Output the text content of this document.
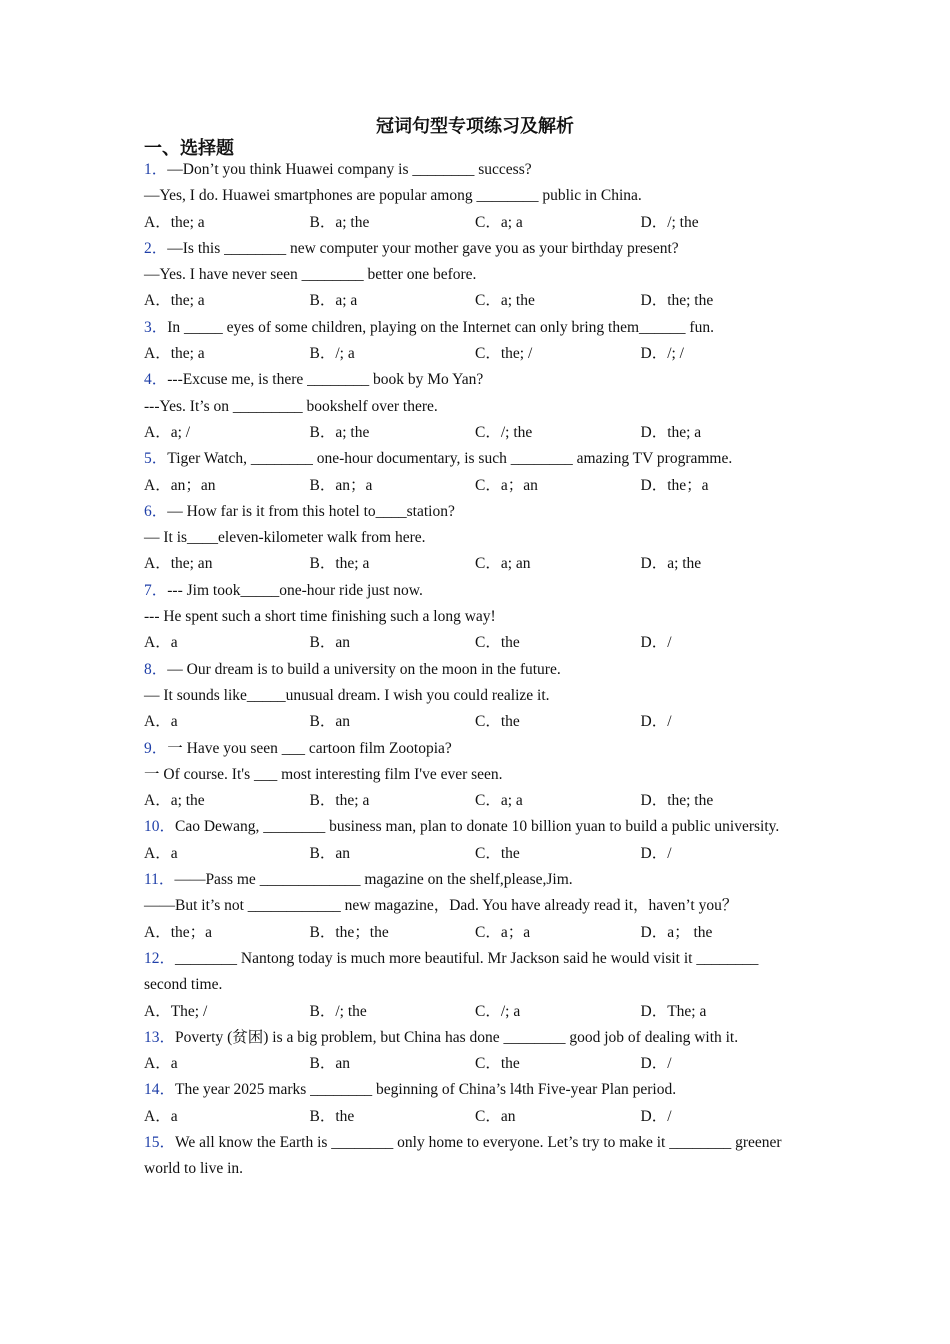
冠词句型专项练习及解析
一、选择题
1．—Don’t you think Huawei company is ________ success?
—Yes, I do. Huawei smartphones are popular among ________ public in China.
A．the; a	B．a; the	C．a; a	D．/; the
2．—Is this ________ new computer your mother gave you as your birthday present?
—Yes. I have never seen ________ better one before.
A．the; a	B．a; a	C．a; the	D．the; the
3．In _____ eyes of some children, playing on the Internet can only bring them______ fun.
A．the; a	B．/; a	C．the; /	D．/; /
4．---Excuse me, is there ________ book by Mo Yan?
---Yes. It’s on _________ bookshelf over there.
A．a; /	B．a; the	C．/; the	D．the; a
5．Tiger Watch, ________ one-hour documentary, is such ________ amazing TV programme.
A．an；an	B．an；a	C．a；an	D．the；a
6．— How far is it from this hotel to____station?
— It is____eleven-kilometer walk from here.
A．the; an	B．the; a	C．a; an	D．a; the
7．--- Jim took_____one-hour ride just now.
--- He spent such a short time finishing such a long way!
A．a	B．an	C．the	D．/
8．— Our dream is to build a university on the moon in the future.
— It sounds like_____unusual dream. I wish you could realize it.
A．a	B．an	C．the	D．/
9．一 Have you seen ___ cartoon film Zootopia?
一 Of course. It's ___ most interesting film I've ever seen.
A．a; the	B．the; a	C．a; a	D．the; the
10．Cao Dewang, ________ business man, plan to donate 10 billion yuan to build a public university.
A．a	B．an	C．the	D．/
11．——Pass me _____________ magazine on the shelf,please,Jim.
——But it’s not ____________ new magazine，Dad. You have already read it，haven’t you？
A．the；a	B．the；the	C．a；a	D．a； the
12．________ Nantong today is much more beautiful. Mr Jackson said he would visit it ________ second time.
A．The; /	B．/; the	C．/; a	D．The; a
13．Poverty (贫困) is a big problem, but China has done ________ good job of dealing with it.
A．a	B．an	C．the	D．/
14．The year 2025 marks ________ beginning of China’s l4th Five-year Plan period.
A．a	B．the	C．an	D．/
15．We all know the Earth is ________ only home to everyone. Let’s try to make it ________ greener world to live in.
